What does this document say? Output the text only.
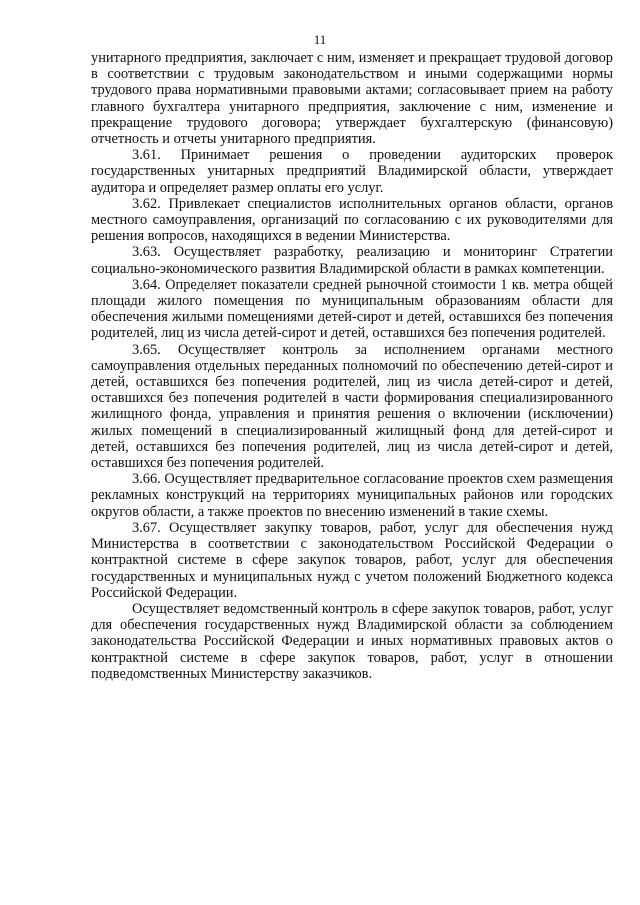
11

унитарного предприятия, заключает с ним, изменяет и прекращает трудовой договор в соответствии с трудовым законодательством и иными содержащими нормы трудового права нормативными правовыми актами; согласовывает прием на работу главного бухгалтера унитарного предприятия, заключение с ним, изменение и прекращение трудового договора; утверждает бухгалтерскую (финансовую) отчетность и отчеты унитарного предприятия.

3.61. Принимает решения о проведении аудиторских проверок государственных унитарных предприятий Владимирской области, утверждает аудитора и определяет размер оплаты его услуг.

3.62. Привлекает специалистов исполнительных органов области, органов местного самоуправления, организаций по согласованию с их руководителями для решения вопросов, находящихся в ведении Министерства.

3.63. Осуществляет разработку, реализацию и мониторинг Стратегии социально-экономического развития Владимирской области в рамках компетенции.

3.64. Определяет показатели средней рыночной стоимости 1 кв. метра общей площади жилого помещения по муниципальным образованиям области для обеспечения жилыми помещениями детей-сирот и детей, оставшихся без попечения родителей, лиц из числа детей-сирот и детей, оставшихся без попечения родителей.

3.65. Осуществляет контроль за исполнением органами местного самоуправления отдельных переданных полномочий по обеспечению детей-сирот и детей, оставшихся без попечения родителей, лиц из числа детей-сирот и детей, оставшихся без попечения родителей в части формирования специализированного жилищного фонда, управления и принятия решения о включении (исключении) жилых помещений в специализированный жилищный фонд для детей-сирот и детей, оставшихся без попечения родителей, лиц из числа детей-сирот и детей, оставшихся без попечения родителей.

3.66. Осуществляет предварительное согласование проектов схем размещения рекламных конструкций на территориях муниципальных районов или городских округов области, а также проектов по внесению изменений в такие схемы.

3.67. Осуществляет закупку товаров, работ, услуг для обеспечения нужд Министерства в соответствии с законодательством Российской Федерации о контрактной системе в сфере закупок товаров, работ, услуг для обеспечения государственных и муниципальных нужд с учетом положений Бюджетного кодекса Российской Федерации.

Осуществляет ведомственный контроль в сфере закупок товаров, работ, услуг для обеспечения государственных нужд Владимирской области за соблюдением законодательства Российской Федерации и иных нормативных правовых актов о контрактной системе в сфере закупок товаров, работ, услуг в отношении подведомственных Министерству заказчиков.
